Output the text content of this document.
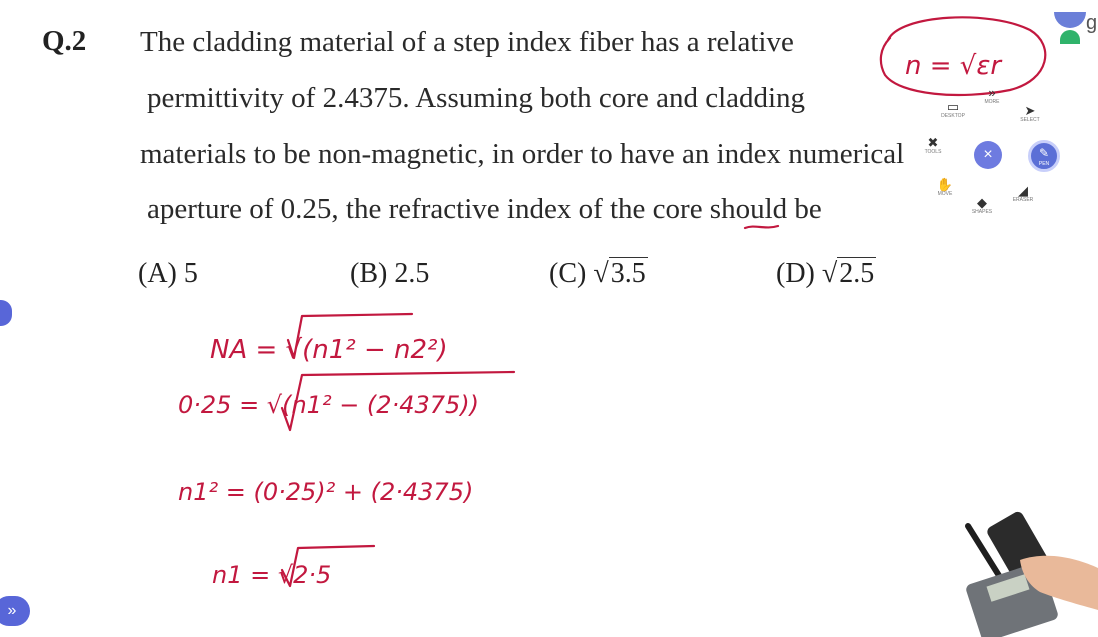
Q.2 The cladding material of a step index fiber has a relative
permittivity of 2.4375. Assuming both core and cladding
materials to be non-magnetic, in order to have an index numerical
aperture of 0.25, the refractive index of the core should be
(A) 5	(B) 2.5	(C) √3.5	(D) √2.5
n = √εr
NA = √(n1² − n2²)
0·25 = √(n1² − (2·4375))
n1² = (0·25)² + (2·4375)
n1 = √2·5
▭
DESKTOP
»
MORE
➤
SELECT
✖
TOOLS	×	✎
PEN
✋
MOVE
◆
SHAPES
◢
ERASER
»
g
